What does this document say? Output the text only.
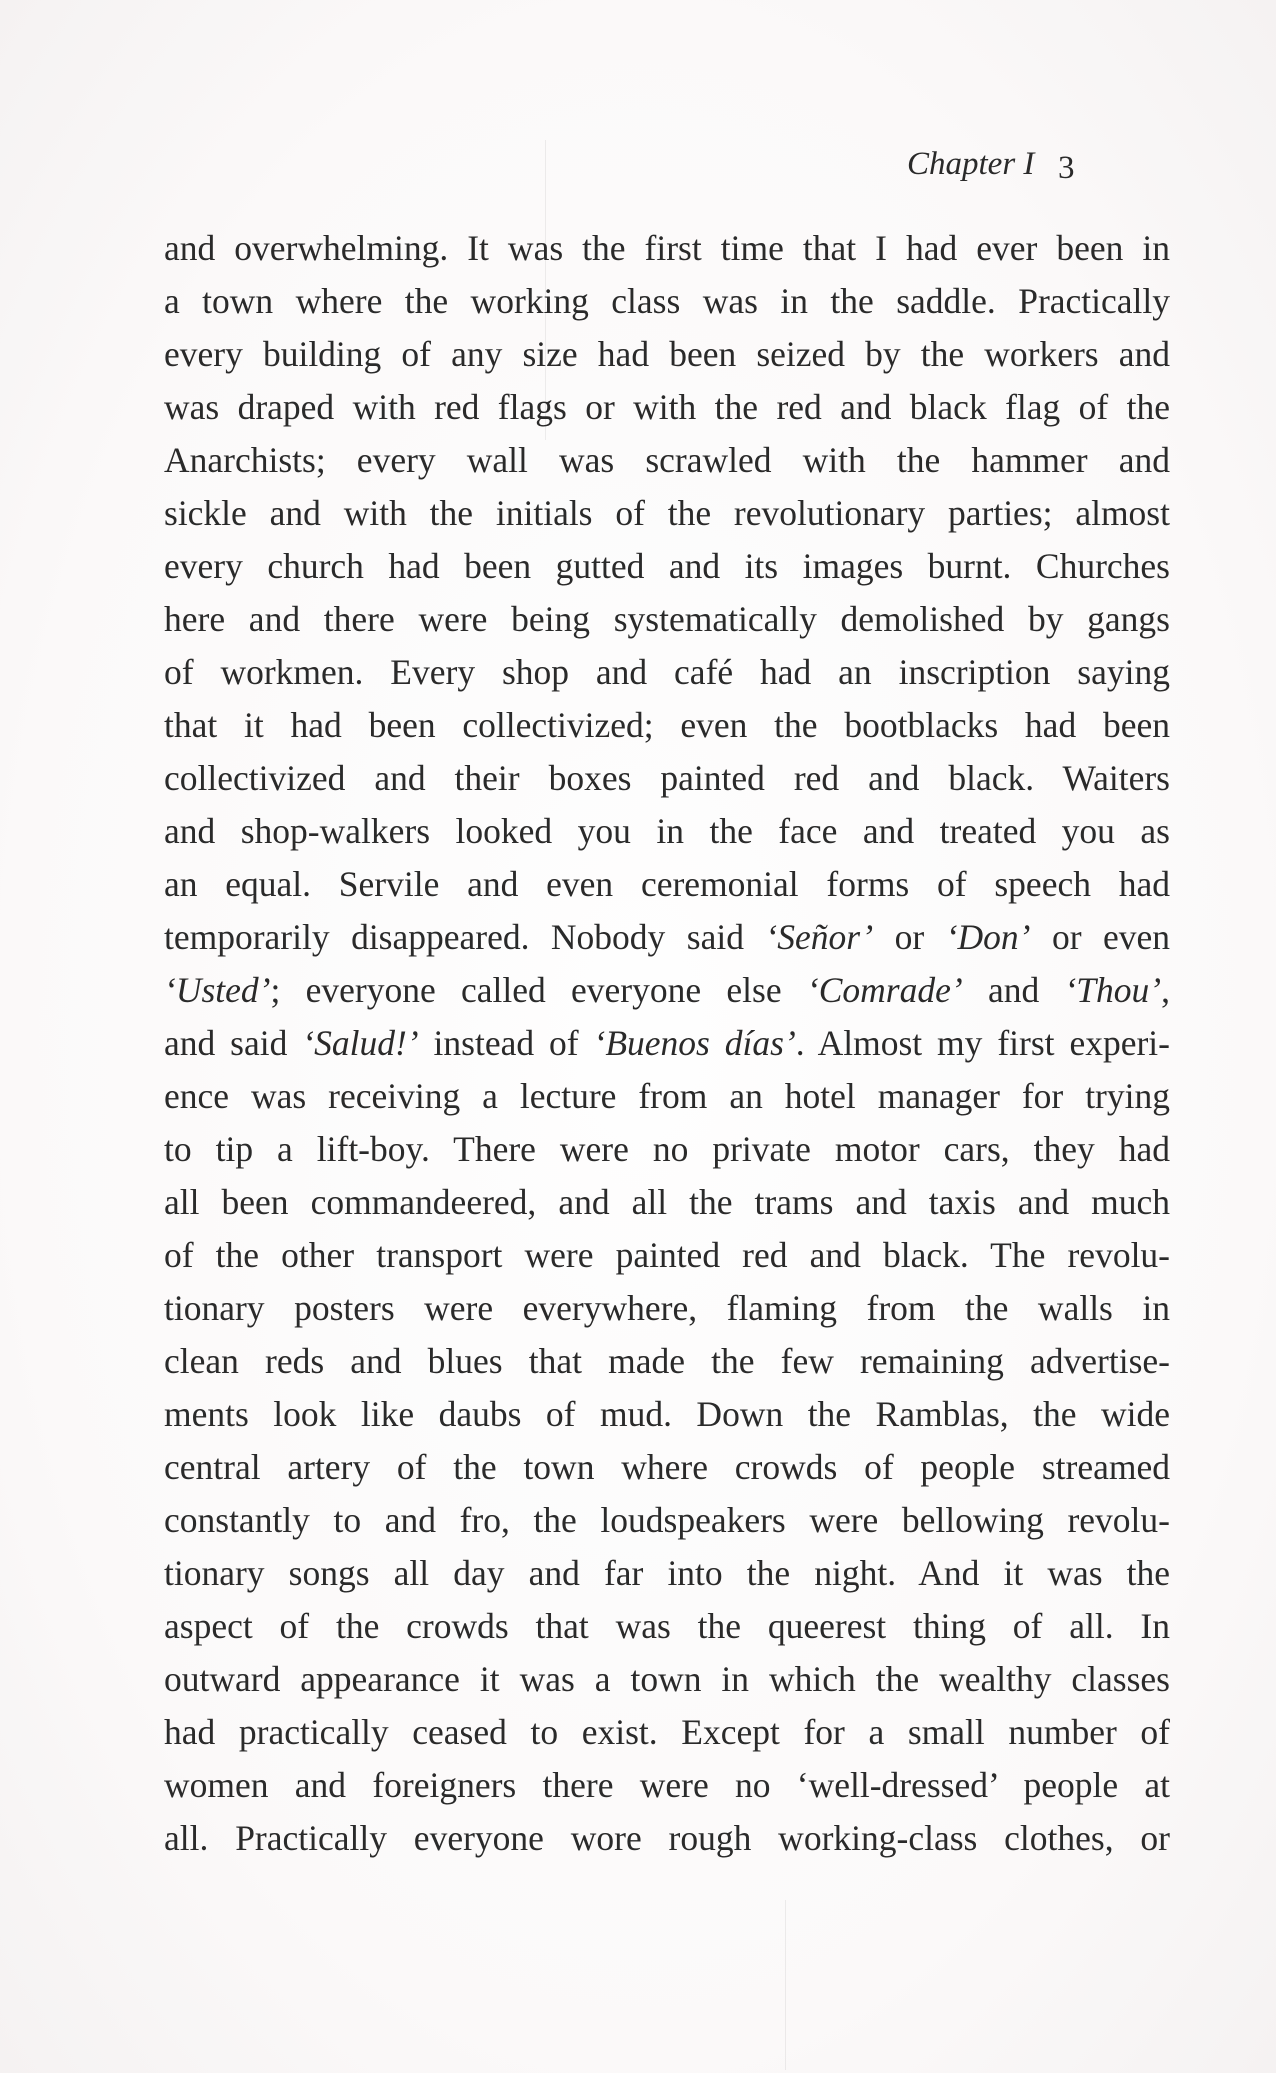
Chapter I 3
and overwhelming. It was the first time that I had ever been in
a town where the working class was in the saddle. Practically
every building of any size had been seized by the workers and
was draped with red flags or with the red and black flag of the
Anarchists; every wall was scrawled with the hammer and
sickle and with the initials of the revolutionary parties; almost
every church had been gutted and its images burnt. Churches
here and there were being systematically demolished by gangs
of workmen. Every shop and café had an inscription saying
that it had been collectivized; even the bootblacks had been
collectivized and their boxes painted red and black. Waiters
and shop-walkers looked you in the face and treated you as
an equal. Servile and even ceremonial forms of speech had
temporarily disappeared. Nobody said ‘Señor’ or ‘Don’ or even
‘Usted’; everyone called everyone else ‘Comrade’ and ‘Thou’,
and said ‘Salud!’ instead of ‘Buenos días’. Almost my first experi-
ence was receiving a lecture from an hotel manager for trying
to tip a lift-boy. There were no private motor cars, they had
all been commandeered, and all the trams and taxis and much
of the other transport were painted red and black. The revolu-
tionary posters were everywhere, flaming from the walls in
clean reds and blues that made the few remaining advertise-
ments look like daubs of mud. Down the Ramblas, the wide
central artery of the town where crowds of people streamed
constantly to and fro, the loudspeakers were bellowing revolu-
tionary songs all day and far into the night. And it was the
aspect of the crowds that was the queerest thing of all. In
outward appearance it was a town in which the wealthy classes
had practically ceased to exist. Except for a small number of
women and foreigners there were no ‘well-dressed’ people at
all. Practically everyone wore rough working-class clothes, or
